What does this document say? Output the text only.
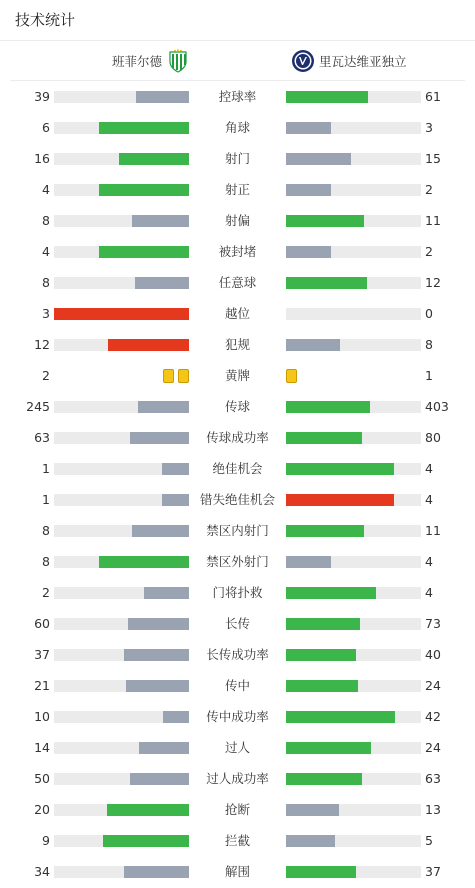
技术统计
班菲尔德	里瓦达维亚独立
39	控球率	61
6	角球	3
16	射门	15
4	射正	2
8	射偏	11
4	被封堵	2
8	任意球	12
3	越位	0
12	犯规	8
2	黄牌	1
245	传球	403
63	传球成功率	80
1	绝佳机会	4
1	错失绝佳机会	4
8	禁区内射门	11
8	禁区外射门	4
2	门将扑救	4
60	长传	73
37	长传成功率	40
21	传中	24
10	传中成功率	42
14	过人	24
50	过人成功率	63
20	抢断	13
9	拦截	5
34	解围	37
